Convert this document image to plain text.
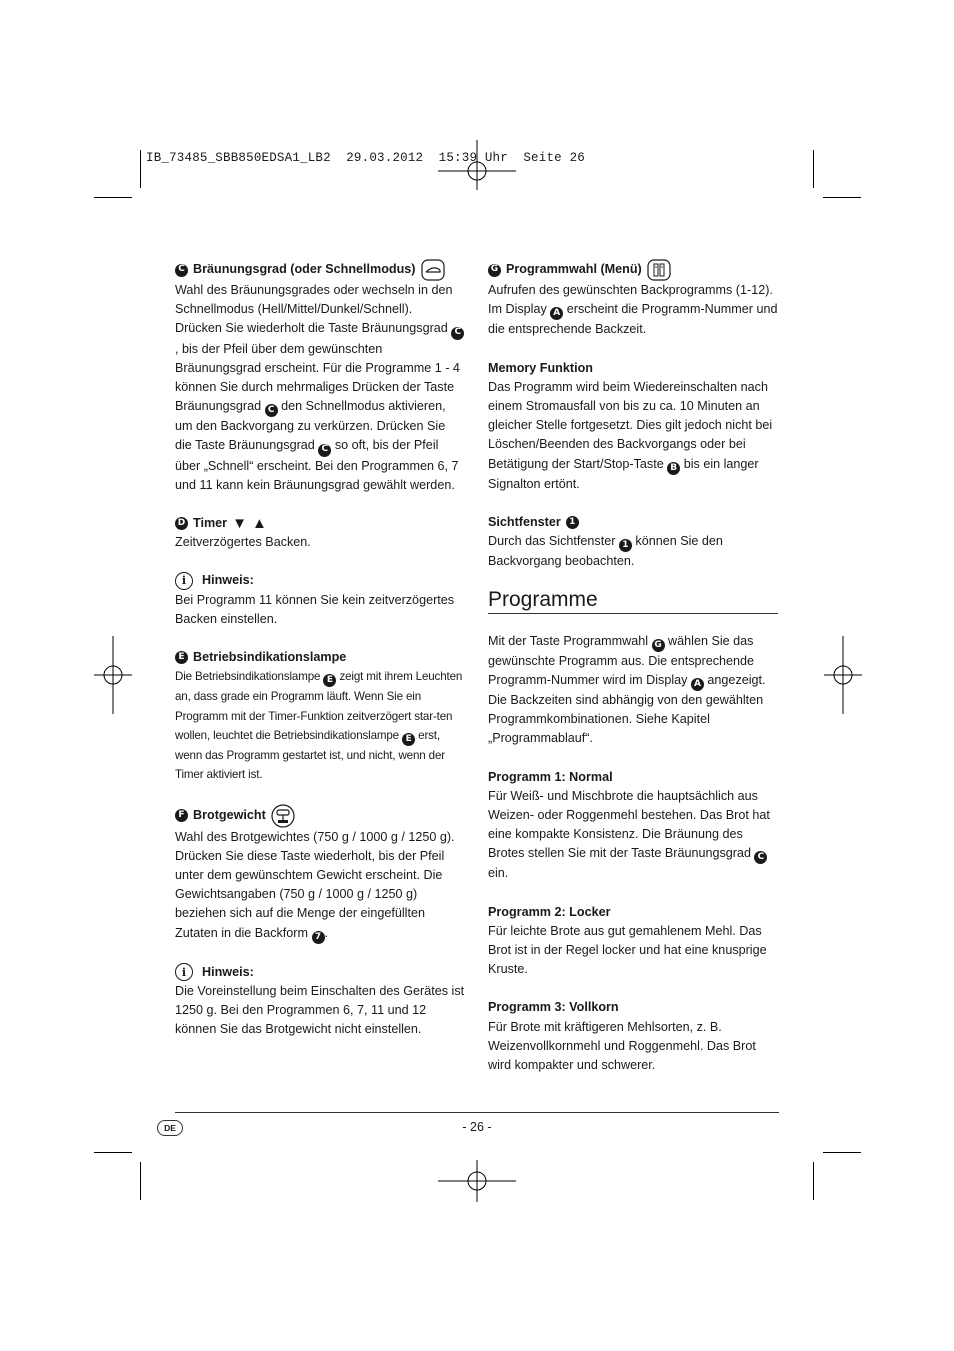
IB_73485_SBB850EDSA1_LB2  29.03.2012  15:39 Uhr  Seite 26
C Bräunungsgrad (oder Schnellmodus)

Wahl des Bräunungsgrades oder wechseln in den Schnellmodus (Hell/Mittel/Dunkel/Schnell).

Drücken Sie wiederholt die Taste Bräunungsgrad C, bis der Pfeil über dem gewünschten Bräunungsgrad erscheint. Für die Programme 1 - 4 können Sie durch mehrmaliges Drücken der Taste Bräunungsgrad C den Schnellmodus aktivieren, um den Backvorgang zu verkürzen. Drücken Sie die Taste Bräunungsgrad C so oft, bis der Pfeil über „Schnell“ erscheint. Bei den Programmen 6, 7 und 11 kann kein Bräunungsgrad gewählt werden.

D Timer ▼ ▲

Zeitverzögertes Backen.

i	Hinweis:

Bei Programm 11 können Sie kein zeitverzögertes Backen einstellen.

E Betriebsindikationslampe

Die Betriebsindikationslampe E zeigt mit ihrem Leuchten an, dass grade ein Programm läuft. Wenn Sie ein Programm mit der Timer-Funktion zeitverzögert star-ten wollen, leuchtet die Betriebsindikationslampe E erst, wenn das Programm gestartet ist, und nicht, wenn der Timer aktiviert ist.

F Brotgewicht

Wahl des Brotgewichtes (750 g / 1000 g / 1250 g). Drücken Sie diese Taste wiederholt, bis der Pfeil unter dem gewünschtem Gewicht erscheint. Die Gewichtsangaben (750 g / 1000 g / 1250 g) beziehen sich auf die Menge der eingefüllten Zutaten in die Backform 7 .

i	Hinweis:

Die Voreinstellung beim Einschalten des Gerätes ist 1250 g. Bei den Programmen 6, 7, 11 und 12 können Sie das Brotgewicht nicht einstellen.

G Programmwahl (Menü)

Aufrufen des gewünschten Backprogramms (1-12). Im Display A erscheint die Programm-Nummer und die entsprechende Backzeit.

Memory Funktion

Das Programm wird beim Wiedereinschalten nach einem Stromausfall von bis zu ca. 10 Minuten an gleicher Stelle fortgesetzt. Dies gilt jedoch nicht bei Löschen/Beenden des Backvorgangs oder bei Betätigung der Start/Stop-Taste B bis ein langer Signalton ertönt.

Sichtfenster 1

Durch das Sichtfenster 1 können Sie den Backvorgang beobachten.

Programme

Mit der Taste Programmwahl G wählen Sie das gewünschte Programm aus. Die entsprechende Programm-Nummer wird im Display A angezeigt. Die Backzeiten sind abhängig von den gewählten Programmkombinationen. Siehe Kapitel „Programmablauf“.

Programm 1: Normal

Für Weiß- und Mischbrote die hauptsächlich aus Weizen- oder Roggenmehl bestehen. Das Brot hat eine kompakte Konsistenz. Die Bräunung des Brotes stellen Sie mit der Taste Bräunungsgrad C ein.

Programm 2: Locker

Für leichte Brote aus gut gemahlenem Mehl. Das Brot ist in der Regel locker und hat eine knusprige Kruste.

Programm 3: Vollkorn

Für Brote mit kräftigeren Mehlsorten, z. B. Weizenvollkornmehl und Roggenmehl. Das Brot wird kompakter und schwerer.

DE	- 26 -
